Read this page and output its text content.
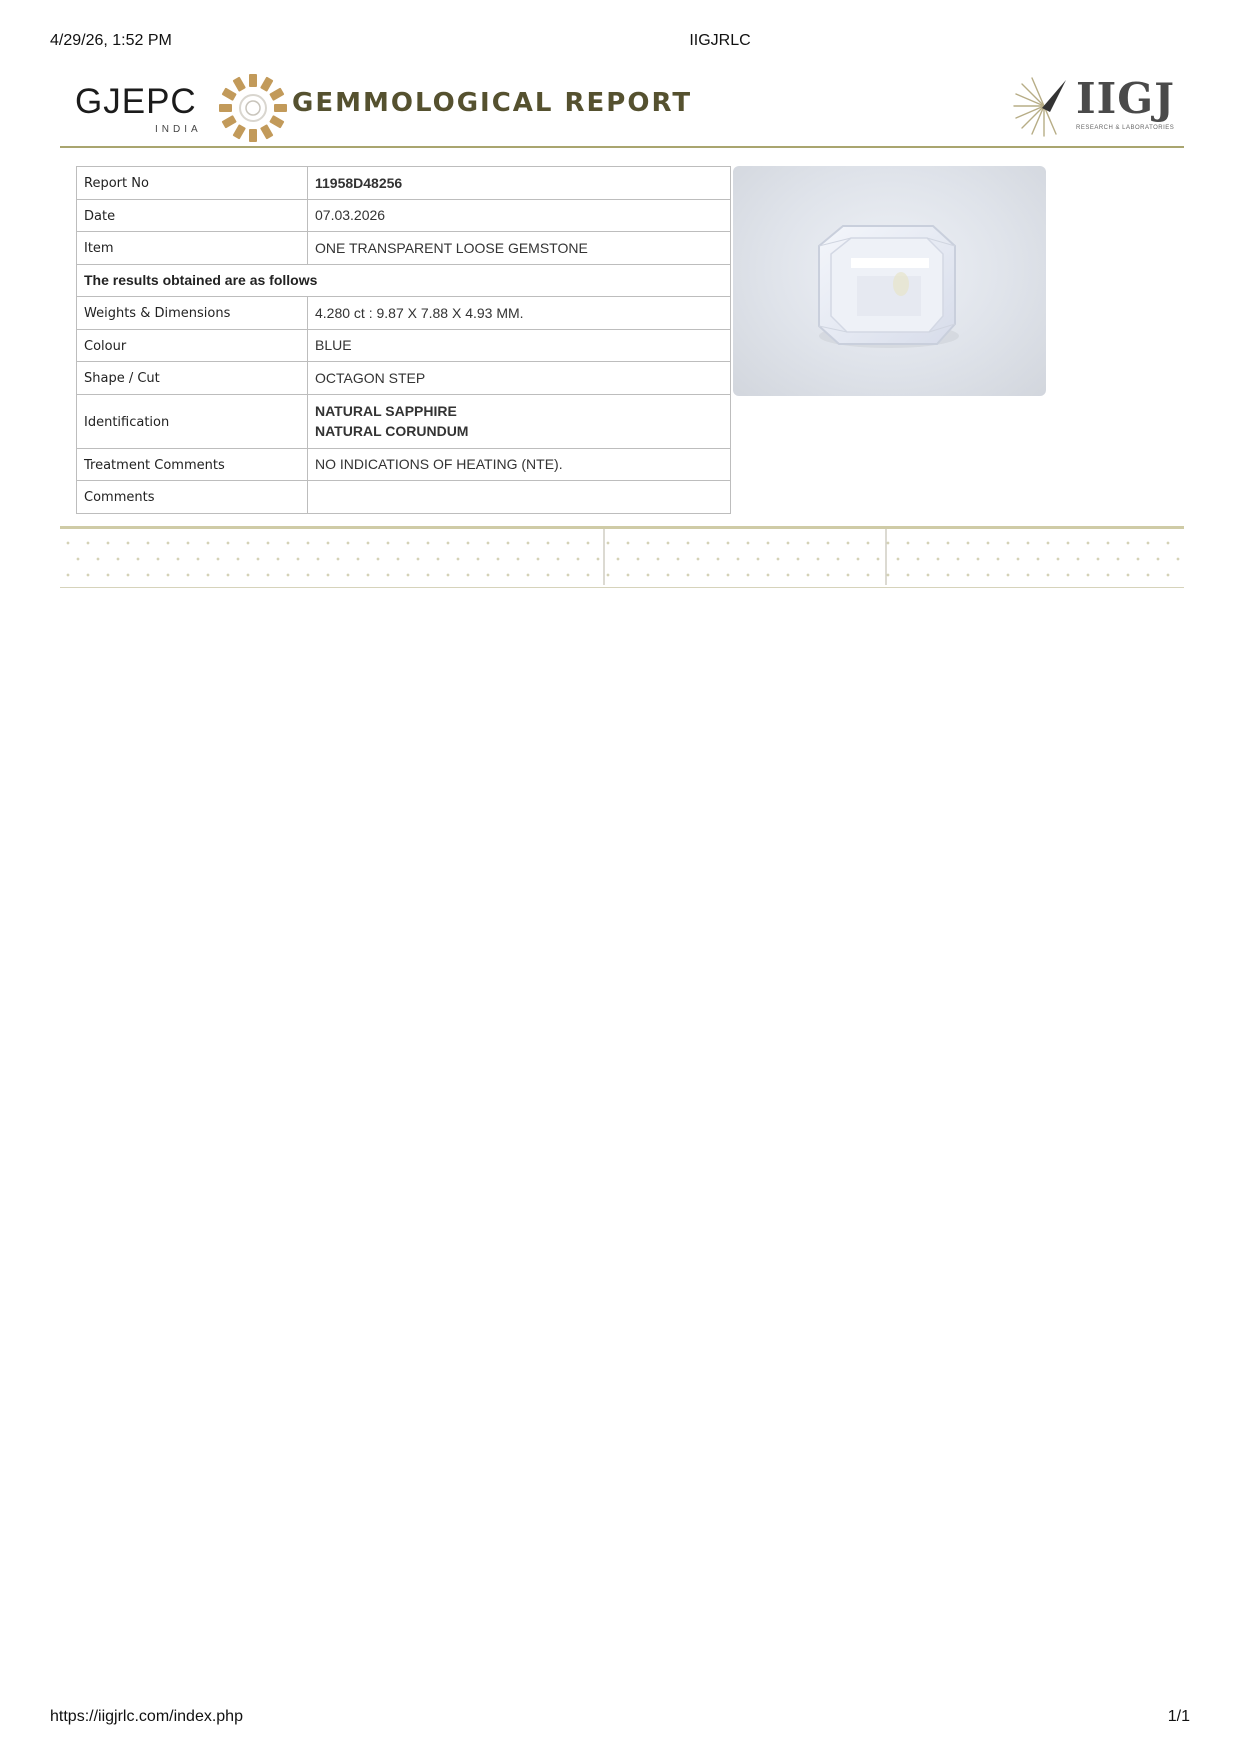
4/29/26, 1:52 PM	IIGJRLC
https://iigjrlc.com/index.php	1/1
GJEPC
INDIA
GEMMOLOGICAL REPORT	IIGJ
RESEARCH & LABORATORIES
Report No	11958D48256
Date	07.03.2026
Item	ONE TRANSPARENT LOOSE GEMSTONE
The results obtained are as follows	
Weights & Dimensions	4.280 ct : 9.87 X 7.88 X 4.93 MM.
Colour	BLUE
Shape / Cut	OCTAGON STEP
Identification	NATURAL SAPPHIRE
NATURAL CORUNDUM

Treatment Comments	NO INDICATIONS OF HEATING (NTE).
Comments	
